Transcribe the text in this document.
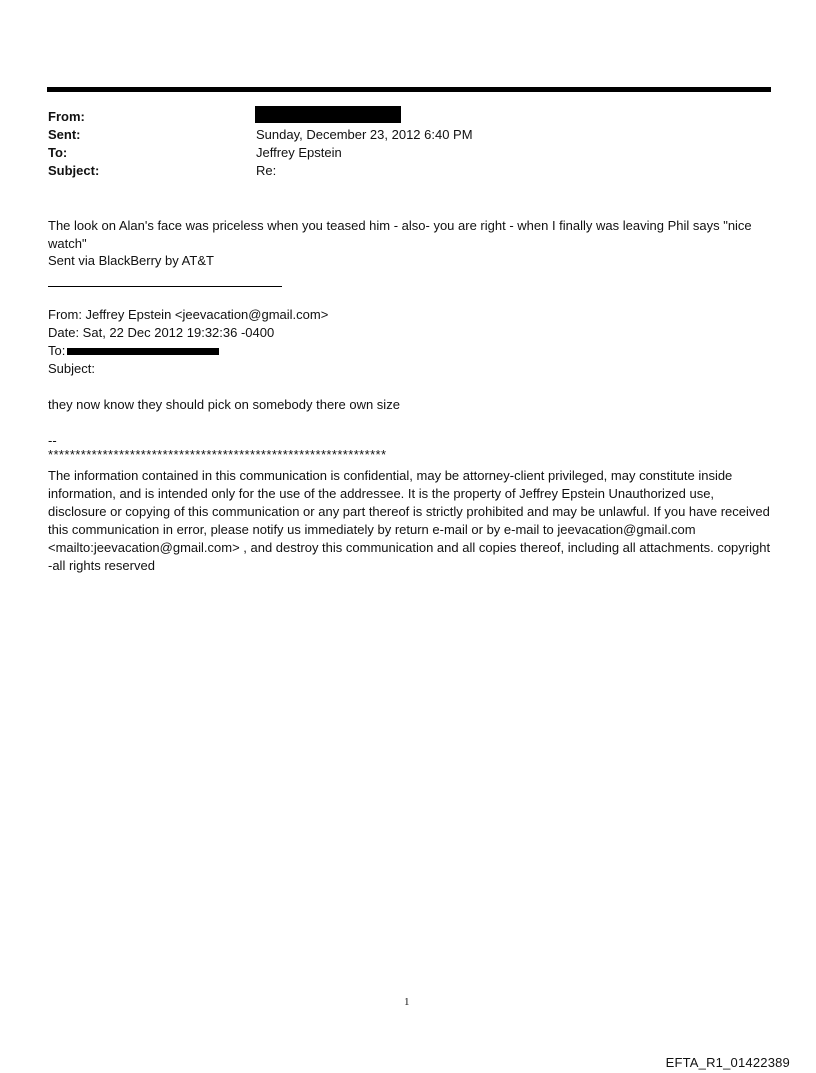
From:
Sent:	Sunday, December 23, 2012 6:40 PM
To:	Jeffrey Epstein
Subject:	Re:
The look on Alan's face was priceless when you teased him - also- you are right - when I finally was leaving Phil says "nice watch"
Sent via BlackBerry by AT&T
From: Jeffrey Epstein <jeevacation@gmail.com>
Date: Sat, 22 Dec 2012 19:32:36 -0400
To:
Subject:
they now know they should pick on somebody there own size
--
**************************************************************
The information contained in this communication is confidential, may be attorney-client privileged, may constitute inside information, and is intended only for the use of the addressee. It is the property of Jeffrey Epstein Unauthorized use, disclosure or copying of this communication or any part thereof is strictly prohibited and may be unlawful. If you have received this communication in error, please notify us immediately by return e-mail or by e-mail to jeevacation@gmail.com <mailto:jeevacation@gmail.com> , and destroy this communication and all copies thereof, including all attachments. copyright -all rights reserved
1
EFTA_R1_01422389
